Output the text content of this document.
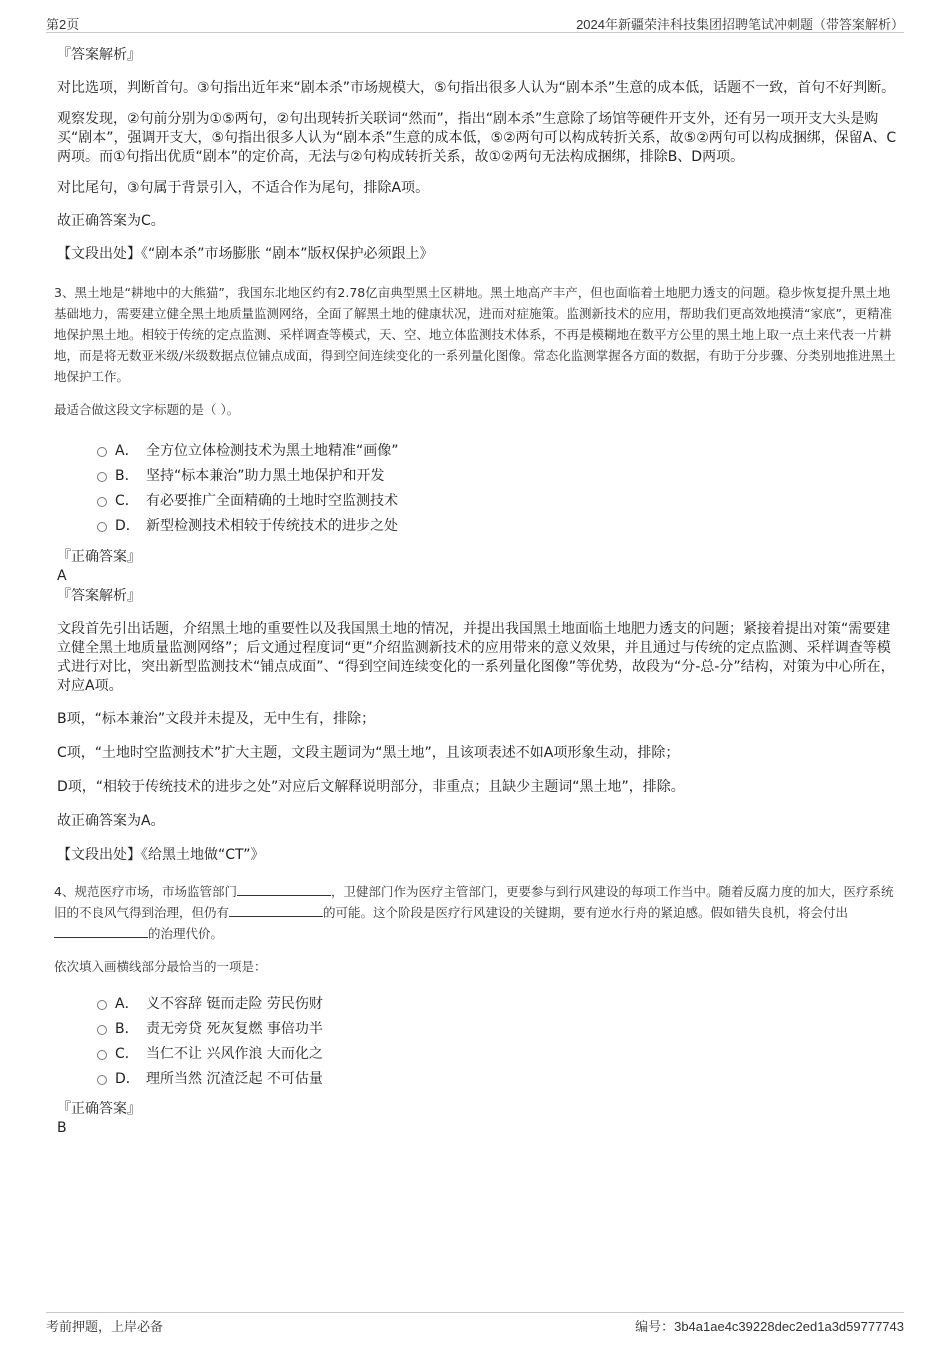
第2页	2024年新疆荣沣科技集团招聘笔试冲刺题（带答案解析）

『答案解析』

对比选项，判断首句。③句指出近年来“剧本杀”市场规模大，⑤句指出很多人认为“剧本杀”生意的成本低，话题不一致，首句不好判断。

观察发现，②句前分别为①⑤两句，②句出现转折关联词“然而”，指出“剧本杀”生意除了场馆等硬件开支外，还有另一项开支大头是购买“剧本”，强调开支大，⑤句指出很多人认为“剧本杀”生意的成本低，⑤②两句可以构成转折关系，故⑤②两句可以构成捆绑，保留A、C两项。而①句指出优质“剧本”的定价高，无法与②句构成转折关系，故①②两句无法构成捆绑，排除B、D两项。

对比尾句，③句属于背景引入，不适合作为尾句，排除A项。

故正确答案为C。

【文段出处】《“剧本杀”市场膨胀 “剧本”版权保护必须跟上》

3、黑土地是“耕地中的大熊猫”，我国东北地区约有2.78亿亩典型黑土区耕地。黑土地高产丰产，但也面临着土地肥力透支的问题。稳步恢复提升黑土地基础地力，需要建立健全黑土地质量监测网络，全面了解黑土地的健康状况，进而对症施策。监测新技术的应用，帮助我们更高效地摸清“家底”，更精准地保护黑土地。相较于传统的定点监测、采样调查等模式，天、空、地立体监测技术体系，不再是模糊地在数平方公里的黑土地上取一点土来代表一片耕地，而是将无数亚米级/米级数据点位铺点成面，得到空间连续变化的一系列量化图像。常态化监测掌握各方面的数据，有助于分步骤、分类别地推进黑土地保护工作。

最适合做这段文字标题的是（ ）。

A． 全方位立体检测技术为黑土地精准“画像”
B． 坚持“标本兼治”助力黑土地保护和开发
C． 有必要推广全面精确的土地时空监测技术
D． 新型检测技术相较于传统技术的进步之处

『正确答案』

A

『答案解析』

文段首先引出话题，介绍黑土地的重要性以及我国黑土地的情况，并提出我国黑土地面临土地肥力透支的问题；紧接着提出对策“需要建立健全黑土地质量监测网络”；后文通过程度词“更”介绍监测新技术的应用带来的意义效果，并且通过与传统的定点监测、采样调查等模式进行对比，突出新型监测技术“铺点成面”、“得到空间连续变化的一系列量化图像”等优势，故段为“分-总-分”结构，对策为中心所在，对应A项。

B项，“标本兼治”文段并未提及，无中生有，排除；

C项，“土地时空监测技术”扩大主题，文段主题词为“黑土地”，且该项表述不如A项形象生动，排除；

D项，“相较于传统技术的进步之处”对应后文解释说明部分，非重点；且缺少主题词“黑土地”，排除。

故正确答案为A。

【文段出处】《给黑土地做“CT”》

4、规范医疗市场，市场监管部门	，卫健部门作为医疗主管部门，更要参与到行风建设的每项工作当中。随着反腐力度的加大，医疗系统旧的不良风气得到治理，但仍有	的可能。这个阶段是医疗行风建设的关键期，要有逆水行舟的紧迫感。假如错失良机，将会付出的治理代价。

依次填入画横线部分最恰当的一项是：

A． 义不容辞 铤而走险 劳民伤财
B． 责无旁贷 死灰复燃 事倍功半
C． 当仁不让 兴风作浪 大而化之
D． 理所当然 沉渣泛起 不可估量

『正确答案』

B

考前押题，上岸必备	编号：3b4a1ae4c39228dec2ed1a3d59777743
